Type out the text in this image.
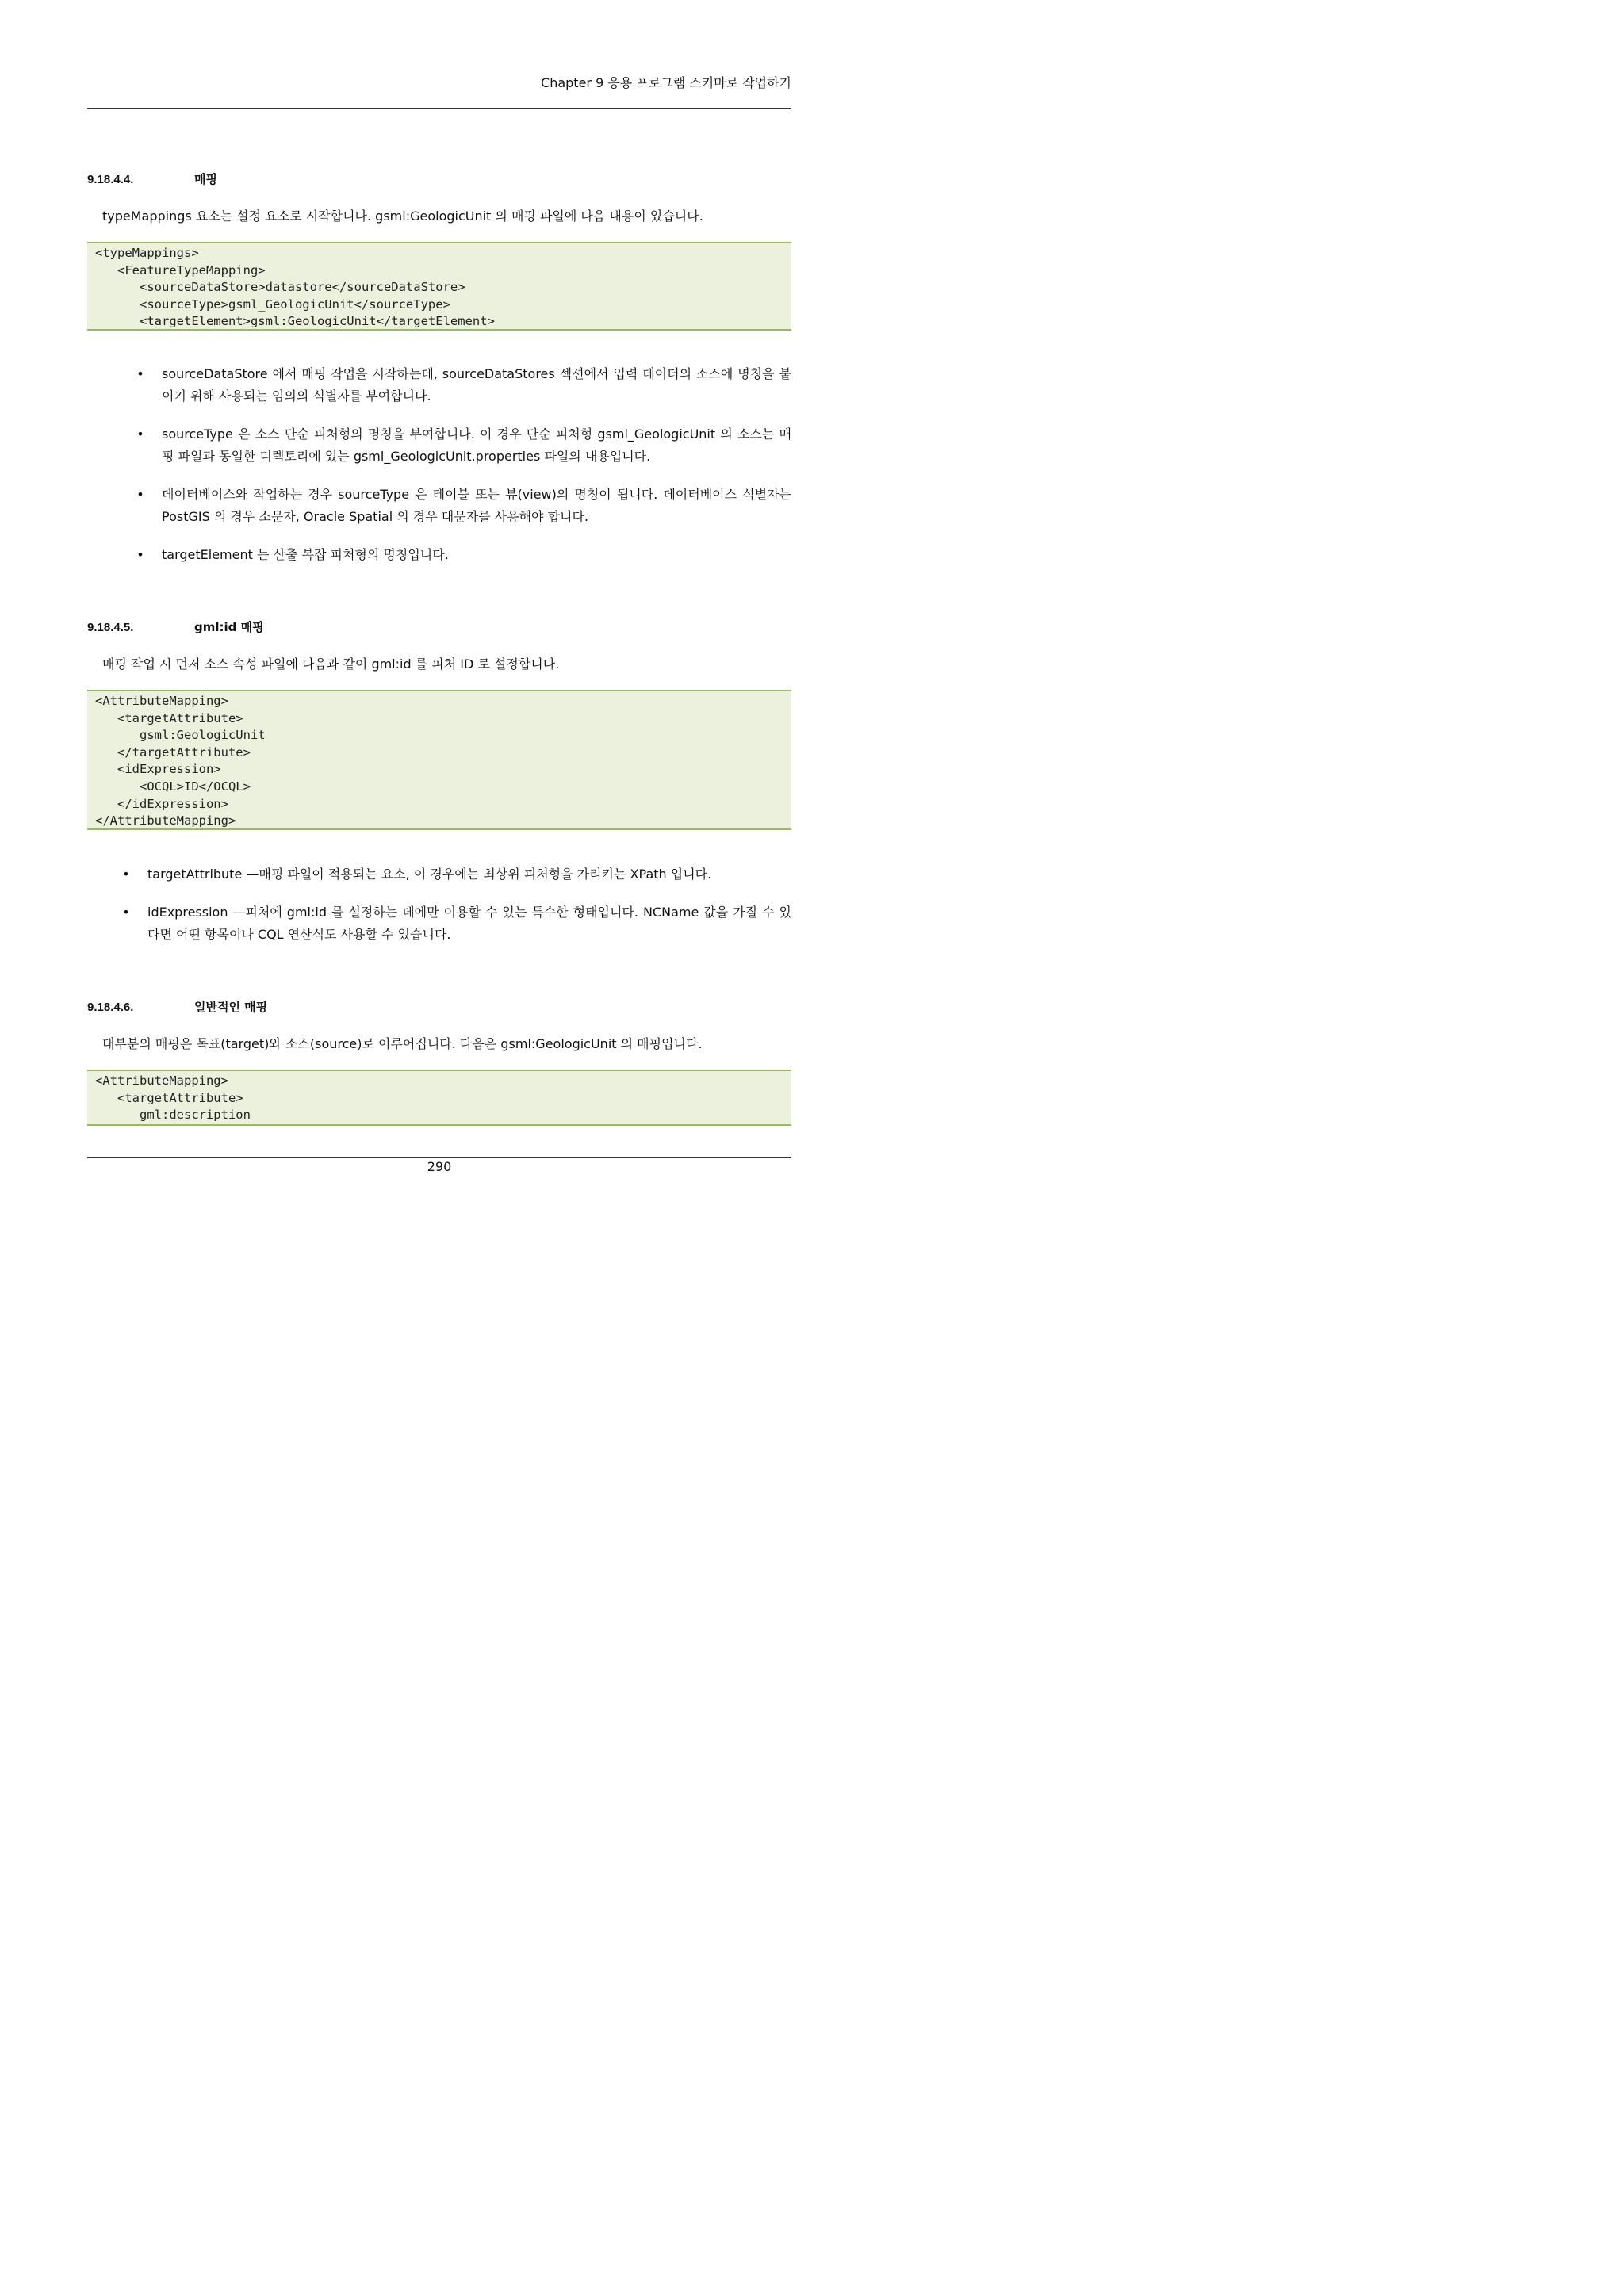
Chapter 9 응용 프로그램 스키마로 작업하기
9.18.4.4.	매핑
typeMappings 요소는 설정 요소로 시작합니다. gsml:GeologicUnit 의 매핑 파일에 다음 내용이 있습니다.
<typeMappings>
<FeatureTypeMapping>
<sourceDataStore>datastore</sourceDataStore>
<sourceType>gsml_GeologicUnit</sourceType>
<targetElement>gsml:GeologicUnit</targetElement>
•	sourceDataStore 에서 매핑 작업을 시작하는데, sourceDataStores 섹션에서 입력 데이터의 소스에 명칭을 붙이기 위해 사용되는 임의의 식별자를 부여합니다.
•	sourceType 은 소스 단순 피처형의 명칭을 부여합니다. 이 경우 단순 피처형 gsml_GeologicUnit 의 소스는 매핑 파일과 동일한 디렉토리에 있는 gsml_GeologicUnit.properties 파일의 내용입니다.
•	데이터베이스와 작업하는 경우 sourceType 은 테이블 또는 뷰(view)의 명칭이 됩니다. 데이터베이스 식별자는 PostGIS 의 경우 소문자, Oracle Spatial 의 경우 대문자를 사용해야 합니다.
•	targetElement 는 산출 복잡 피처형의 명칭입니다.
9.18.4.5.	gml:id 매핑
매핑 작업 시 먼저 소스 속성 파일에 다음과 같이 gml:id 를 피처 ID 로 설정합니다.
<AttributeMapping>
<targetAttribute>
gsml:GeologicUnit
</targetAttribute>
<idExpression>
<OCQL>ID</OCQL>
</idExpression>
</AttributeMapping>
•	targetAttribute —매핑 파일이 적용되는 요소, 이 경우에는 최상위 피처형을 가리키는 XPath 입니다.
•	idExpression —피처에 gml:id 를 설정하는 데에만 이용할 수 있는 특수한 형태입니다. NCName 값을 가질 수 있다면 어떤 항목이나 CQL 연산식도 사용할 수 있습니다.
9.18.4.6.	일반적인 매핑
대부분의 매핑은 목표(target)와 소스(source)로 이루어집니다. 다음은 gsml:GeologicUnit 의 매핑입니다.
<AttributeMapping>
<targetAttribute>
gml:description
290
